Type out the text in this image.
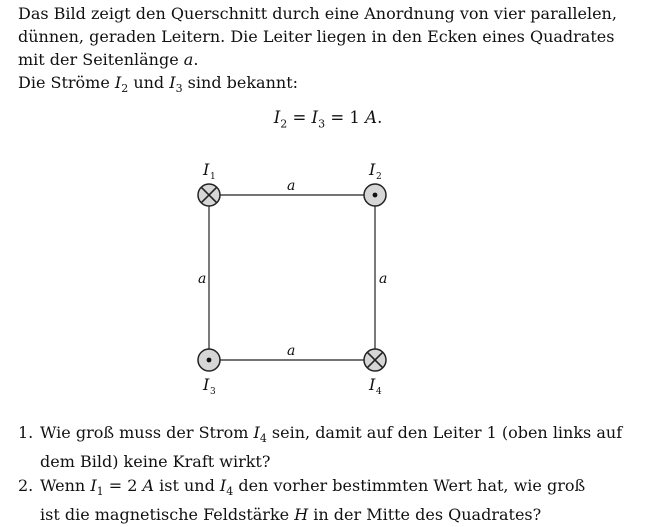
Das Bild zeigt den Querschnitt durch eine Anordnung von vier parallelen,
dünnen, geraden Leitern. Die Leiter liegen in den Ecken eines Quadrates
mit der Seitenlänge a.
Die Ströme $I_2$ und $I_3$ sind bekannt:
$I_2 = I_3 = 1$ A.
a
a
a	a
I 1	I 2
I 3	I 4
1. Wie groß muss der Strom $I_4$ sein, damit auf den Leiter 1 (oben links auf
dem Bild) keine Kraft wirkt?
2. Wenn $I_1 = 2$ A ist und $I_4$ den vorher bestimmten Wert hat, wie groß
ist die magnetische Feldstärke H in der Mitte des Quadrates?
